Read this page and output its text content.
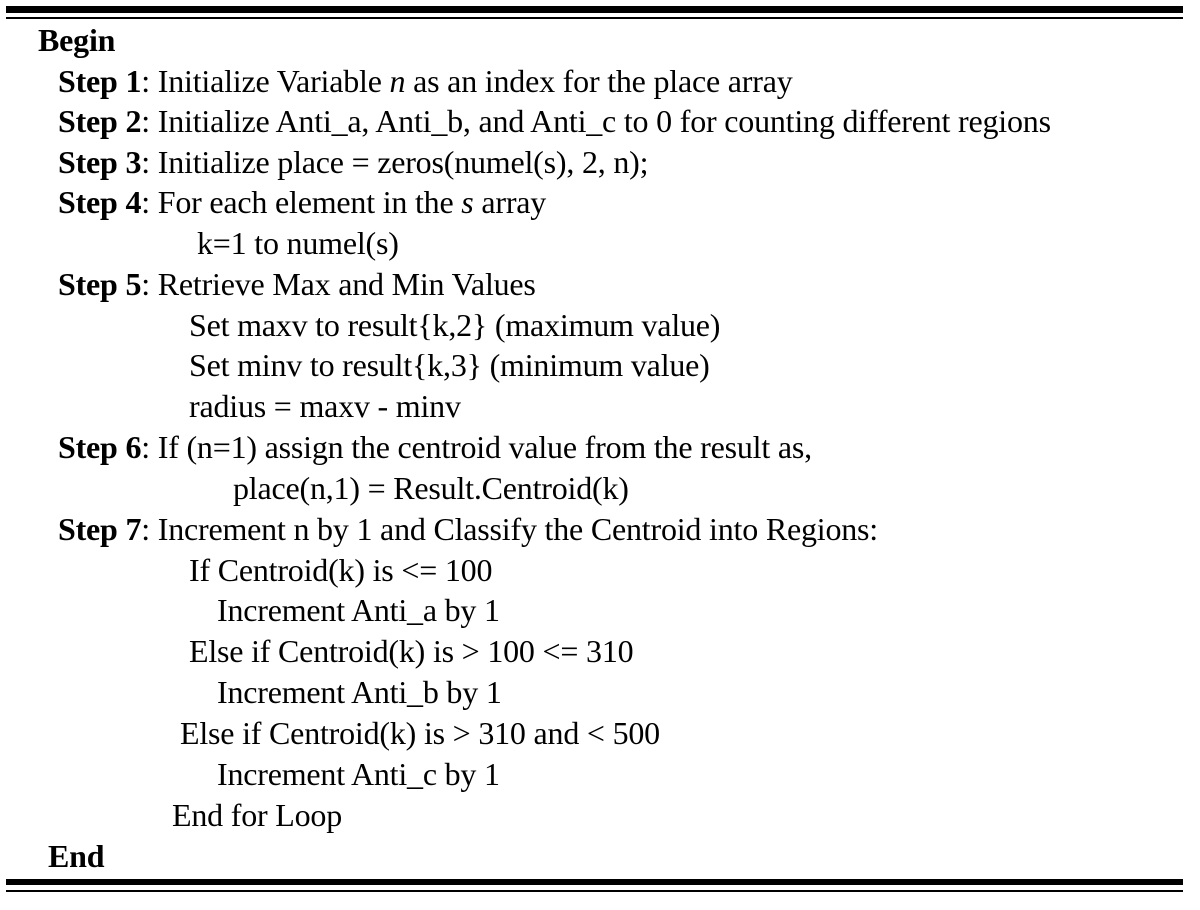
Begin
Step 1: Initialize Variable n as an index for the place array
Step 2: Initialize Anti_a, Anti_b, and Anti_c to 0 for counting different regions
Step 3: Initialize place = zeros(numel(s), 2, n);
Step 4: For each element in the s array
k=1 to numel(s)
Step 5: Retrieve Max and Min Values
Set maxv to result{k,2} (maximum value)
Set minv to result{k,3} (minimum value)
radius = maxv - minv
Step 6: If (n=1) assign the centroid value from the result as,
place(n,1) = Result.Centroid(k)
Step 7: Increment n by 1 and Classify the Centroid into Regions:
If Centroid(k) is <= 100
Increment Anti_a by 1
Else if Centroid(k) is > 100 <= 310
Increment Anti_b by 1
Else if Centroid(k) is > 310 and < 500
Increment Anti_c by 1
End for Loop
End
